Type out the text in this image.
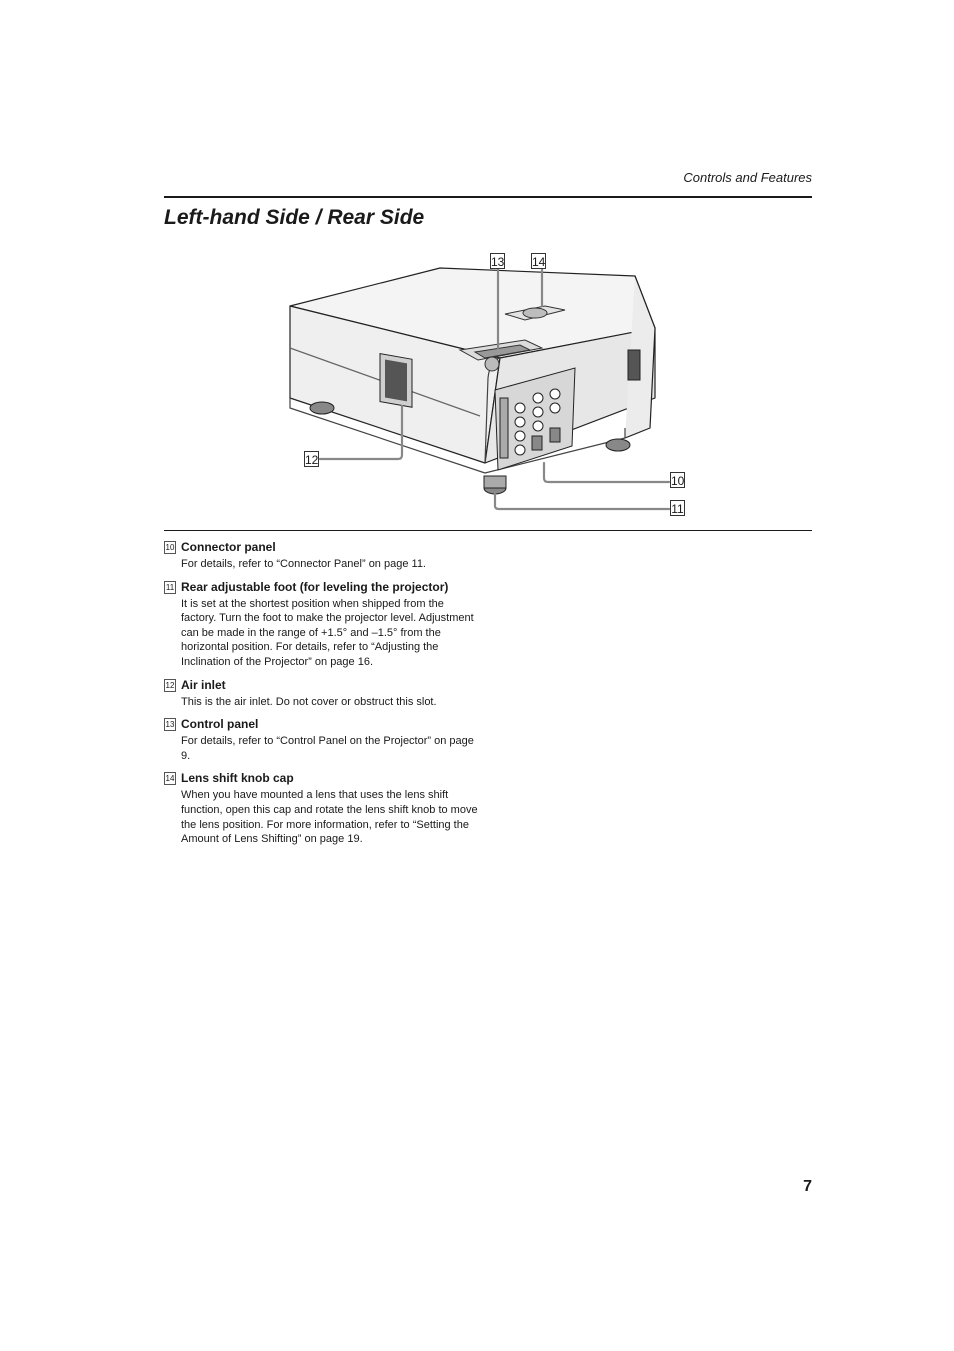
Controls and Features
Left-hand Side / Rear Side
13 14
12
10
11
10 Connector panel
For details, refer to “Connector Panel” on page 11.
11 Rear adjustable foot (for leveling the projector)
It is set at the shortest position when shipped from the factory. Turn the foot to make the projector level. Adjustment can be made in the range of +1.5° and –1.5° from the horizontal position. For details, refer to “Adjusting the Inclination of the Projector” on page 16.
12 Air inlet
This is the air inlet. Do not cover or obstruct this slot.
13 Control panel
For details, refer to “Control Panel on the Projector” on page 9.
14 Lens shift knob cap
When you have mounted a lens that uses the lens shift function, open this cap and rotate the lens shift knob to move the lens position. For more information, refer to “Setting the Amount of Lens Shifting” on page 19.
7
